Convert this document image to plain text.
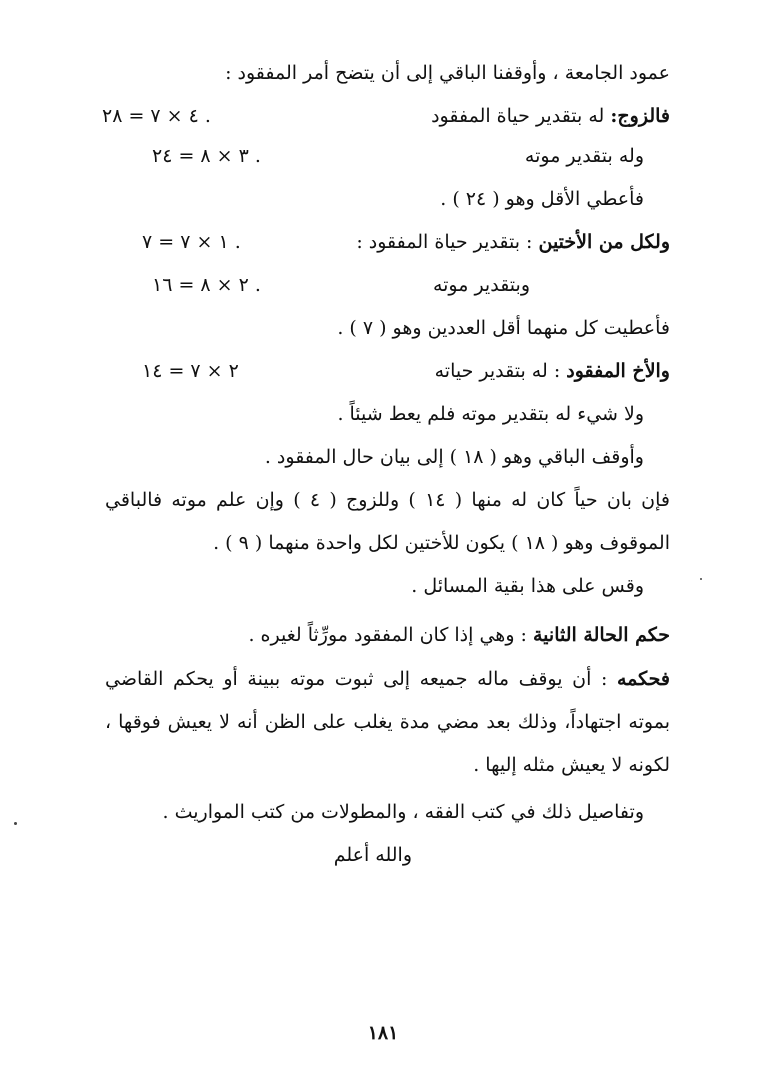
عمود الجامعة ، وأوقفنا الباقي إلى أن يتضح أمر المفقود :
فالزوج: له بتقدير حياة المفقود
٤ × ٧ = ٢٨ .
وله بتقدير موته
٣ × ٨ = ٢٤ .
فأعطي الأقل وهو ( ٢٤ ) .
ولكل من الأختين : بتقدير حياة المفقود :
١ × ٧ = ٧ .
وبتقدير موته
٢ × ٨ = ١٦ .
فأعطيت كل منهما أقل العددين وهو ( ٧ ) .
والأخ المفقود : له بتقدير حياته
٢ × ٧ = ١٤
ولا شيء له بتقدير موته فلم يعط شيئاً .
وأوقف الباقي وهو ( ١٨ ) إلى بيان حال المفقود .
فإن بان حياً كان له منها ( ١٤ ) وللزوج ( ٤ ) وإن علم موته فالباقي
الموقوف وهو ( ١٨ ) يكون للأختين لكل واحدة منهما ( ٩ ) .
وقس على هذا بقية المسائل .
حكم الحالة الثانية : وهي إذا كان المفقود مورِّثاً لغيره .
فحكمه : أن يوقف ماله جميعه إلى ثبوت موته ببينة أو يحكم القاضي
بموته اجتهاداً، وذلك بعد مضي مدة يغلب على الظن أنه لا يعيش فوقها ،
لكونه لا يعيش مثله إليها .
وتفاصيل ذلك في كتب الفقه ، والمطولات من كتب المواريث .
والله أعلم
١٨١
